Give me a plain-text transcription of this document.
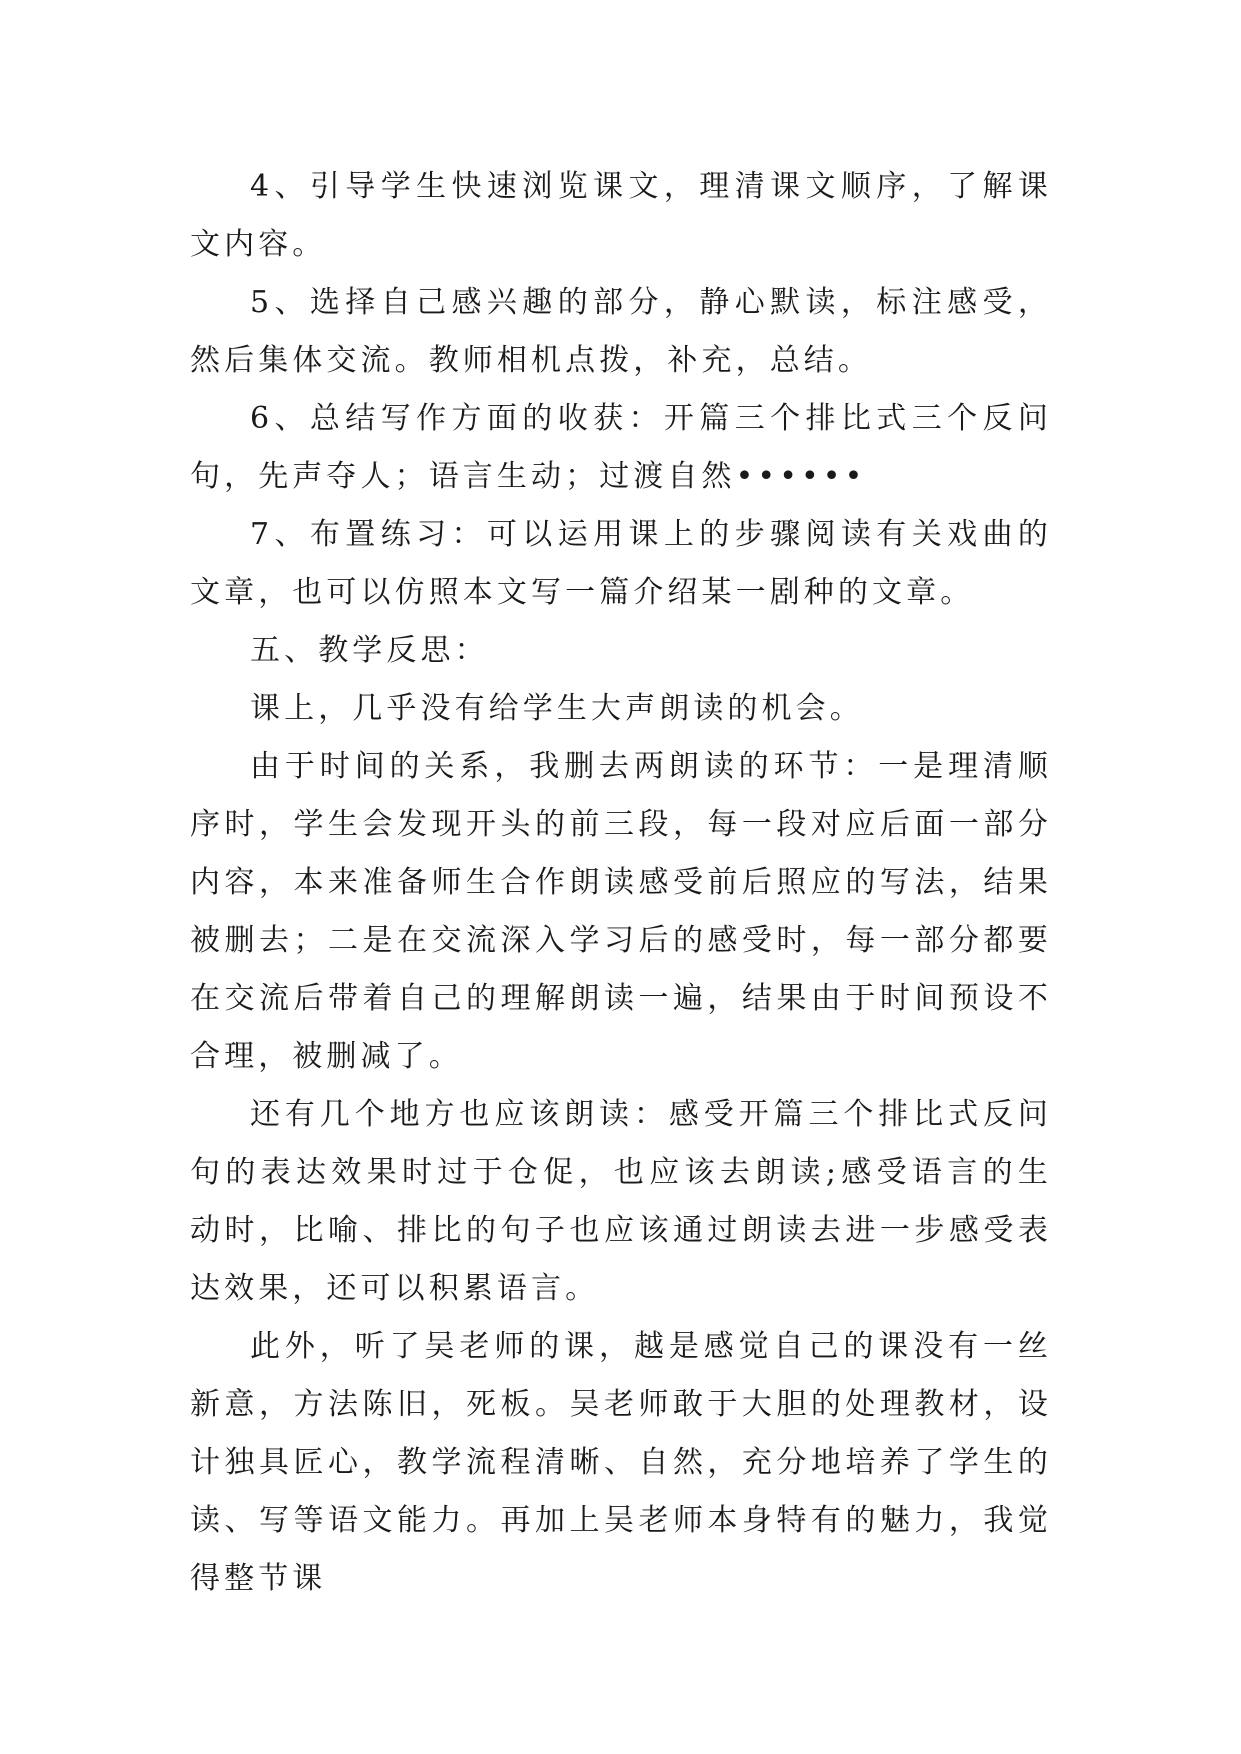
4、引导学生快速浏览课文，理清课文顺序，了解课文内容。

5、选择自己感兴趣的部分，静心默读，标注感受，然后集体交流。教师相机点拨，补充，总结。

6、总结写作方面的收获：开篇三个排比式三个反问句，先声夺人；语言生动；过渡自然••••••

7、布置练习：可以运用课上的步骤阅读有关戏曲的文章，也可以仿照本文写一篇介绍某一剧种的文章。

五、教学反思：

课上，几乎没有给学生大声朗读的机会。

由于时间的关系，我删去两朗读的环节：一是理清顺序时，学生会发现开头的前三段，每一段对应后面一部分内容，本来准备师生合作朗读感受前后照应的写法，结果被删去；二是在交流深入学习后的感受时，每一部分都要在交流后带着自己的理解朗读一遍，结果由于时间预设不合理，被删减了。

还有几个地方也应该朗读：感受开篇三个排比式反问句的表达效果时过于仓促，也应该去朗读;感受语言的生动时，比喻、排比的句子也应该通过朗读去进一步感受表达效果，还可以积累语言。

此外，听了吴老师的课，越是感觉自己的课没有一丝新意，方法陈旧，死板。吴老师敢于大胆的处理教材，设计独具匠心，教学流程清晰、自然，充分地培养了学生的读、写等语文能力。再加上吴老师本身特有的魅力，我觉得整节课
